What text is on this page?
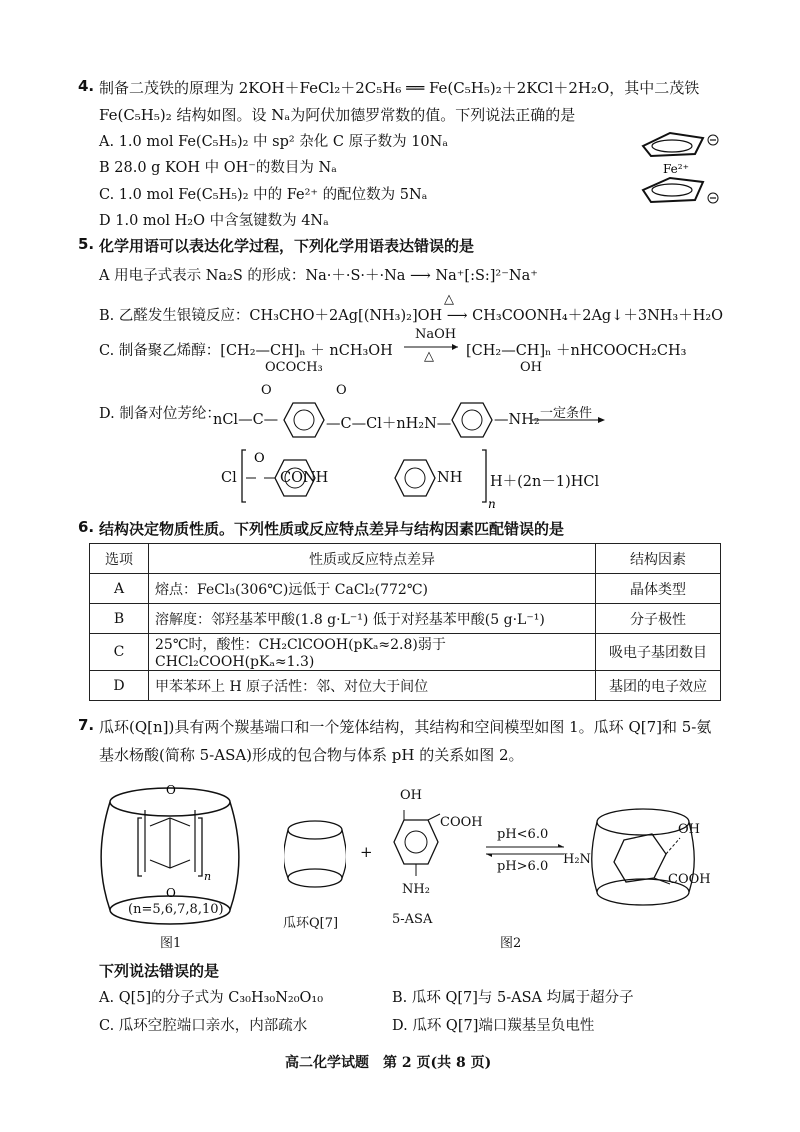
4. 制备二茂铁的原理为 2KOH＋FeCl₂＋2C₅H₆ ══ Fe(C₅H₅)₂＋2KCl＋2H₂O，其中二茂铁
Fe(C₅H₅)₂ 结构如图。设 Nₐ为阿伏加德罗常数的值。下列说法正确的是
A. 1.0 mol Fe(C₅H₅)₂ 中 sp² 杂化 C 原子数为 10Nₐ
B 28.0 g KOH 中 OH⁻的数目为 Nₐ
C. 1.0 mol Fe(C₅H₅)₂ 中的 Fe²⁺ 的配位数为 5Nₐ
D 1.0 mol H₂O 中含氢键数为 4Nₐ
Fe²⁺
5. 化学用语可以表达化学过程，下列化学用语表达错误的是
A 用电子式表示 Na₂S 的形成：Na·＋·S·＋·Na ⟶ Na⁺[:S:]²⁻Na⁺
B. 乙醛发生银镜反应：CH₃CHO＋2Ag[(NH₃)₂]OH ⟶ CH₃COONH₄＋2Ag↓＋3NH₃＋H₂O
△
C. 制备聚乙烯醇：[CH₂—CH]ₙ ＋ nCH₃OH
OCOCH₃
NaOH
△ [CH₂—CH]ₙ ＋nHCOOCH₂CH₃
OH
D. 制备对位芳纶：
nCl—C—
O
—C—Cl＋nH₂N—
O
—NH₂ 一定条件
Cl
O
n
CONH	NH H＋(2n－1)HCl
6. 结构决定物质性质。下列性质或反应特点差异与结构因素匹配错误的是
选项	性质或反应特点差异	结构因素
A	熔点：FeCl₃(306℃)远低于 CaCl₂(772℃)	晶体类型
B	溶解度：邻羟基苯甲酸(1.8 g·L⁻¹) 低于对羟基苯甲酸(5 g·L⁻¹)	分子极性
C	25℃时，酸性：CH₂ClCOOH(pKₐ≈2.8)弱于 CHCl₂COOH(pKₐ≈1.3)	吸电子基团数目
D	甲苯苯环上 H 原子活性：邻、对位大于间位	基团的电子效应
7. 瓜环(Q[n])具有两个羰基端口和一个笼体结构，其结构和空间模型如图 1。瓜环 Q[7]和 5-氨
基水杨酸(简称 5-ASA)形成的包合物与体系 pH 的关系如图 2。
O
O
n
(n=5,6,7,8,10)
图1
瓜环Q[7]
+
OH
COOH
NH₂
5-ASA
pH<6.0
pH>6.0 H₂N
OH
COOH
图2
下列说法错误的是
A. Q[5]的分子式为 C₃₀H₃₀N₂₀O₁₀	B. 瓜环 Q[7]与 5-ASA 均属于超分子
C. 瓜环空腔端口亲水，内部疏水	D. 瓜环 Q[7]端口羰基呈负电性
高二化学试题　第 2 页(共 8 页)
